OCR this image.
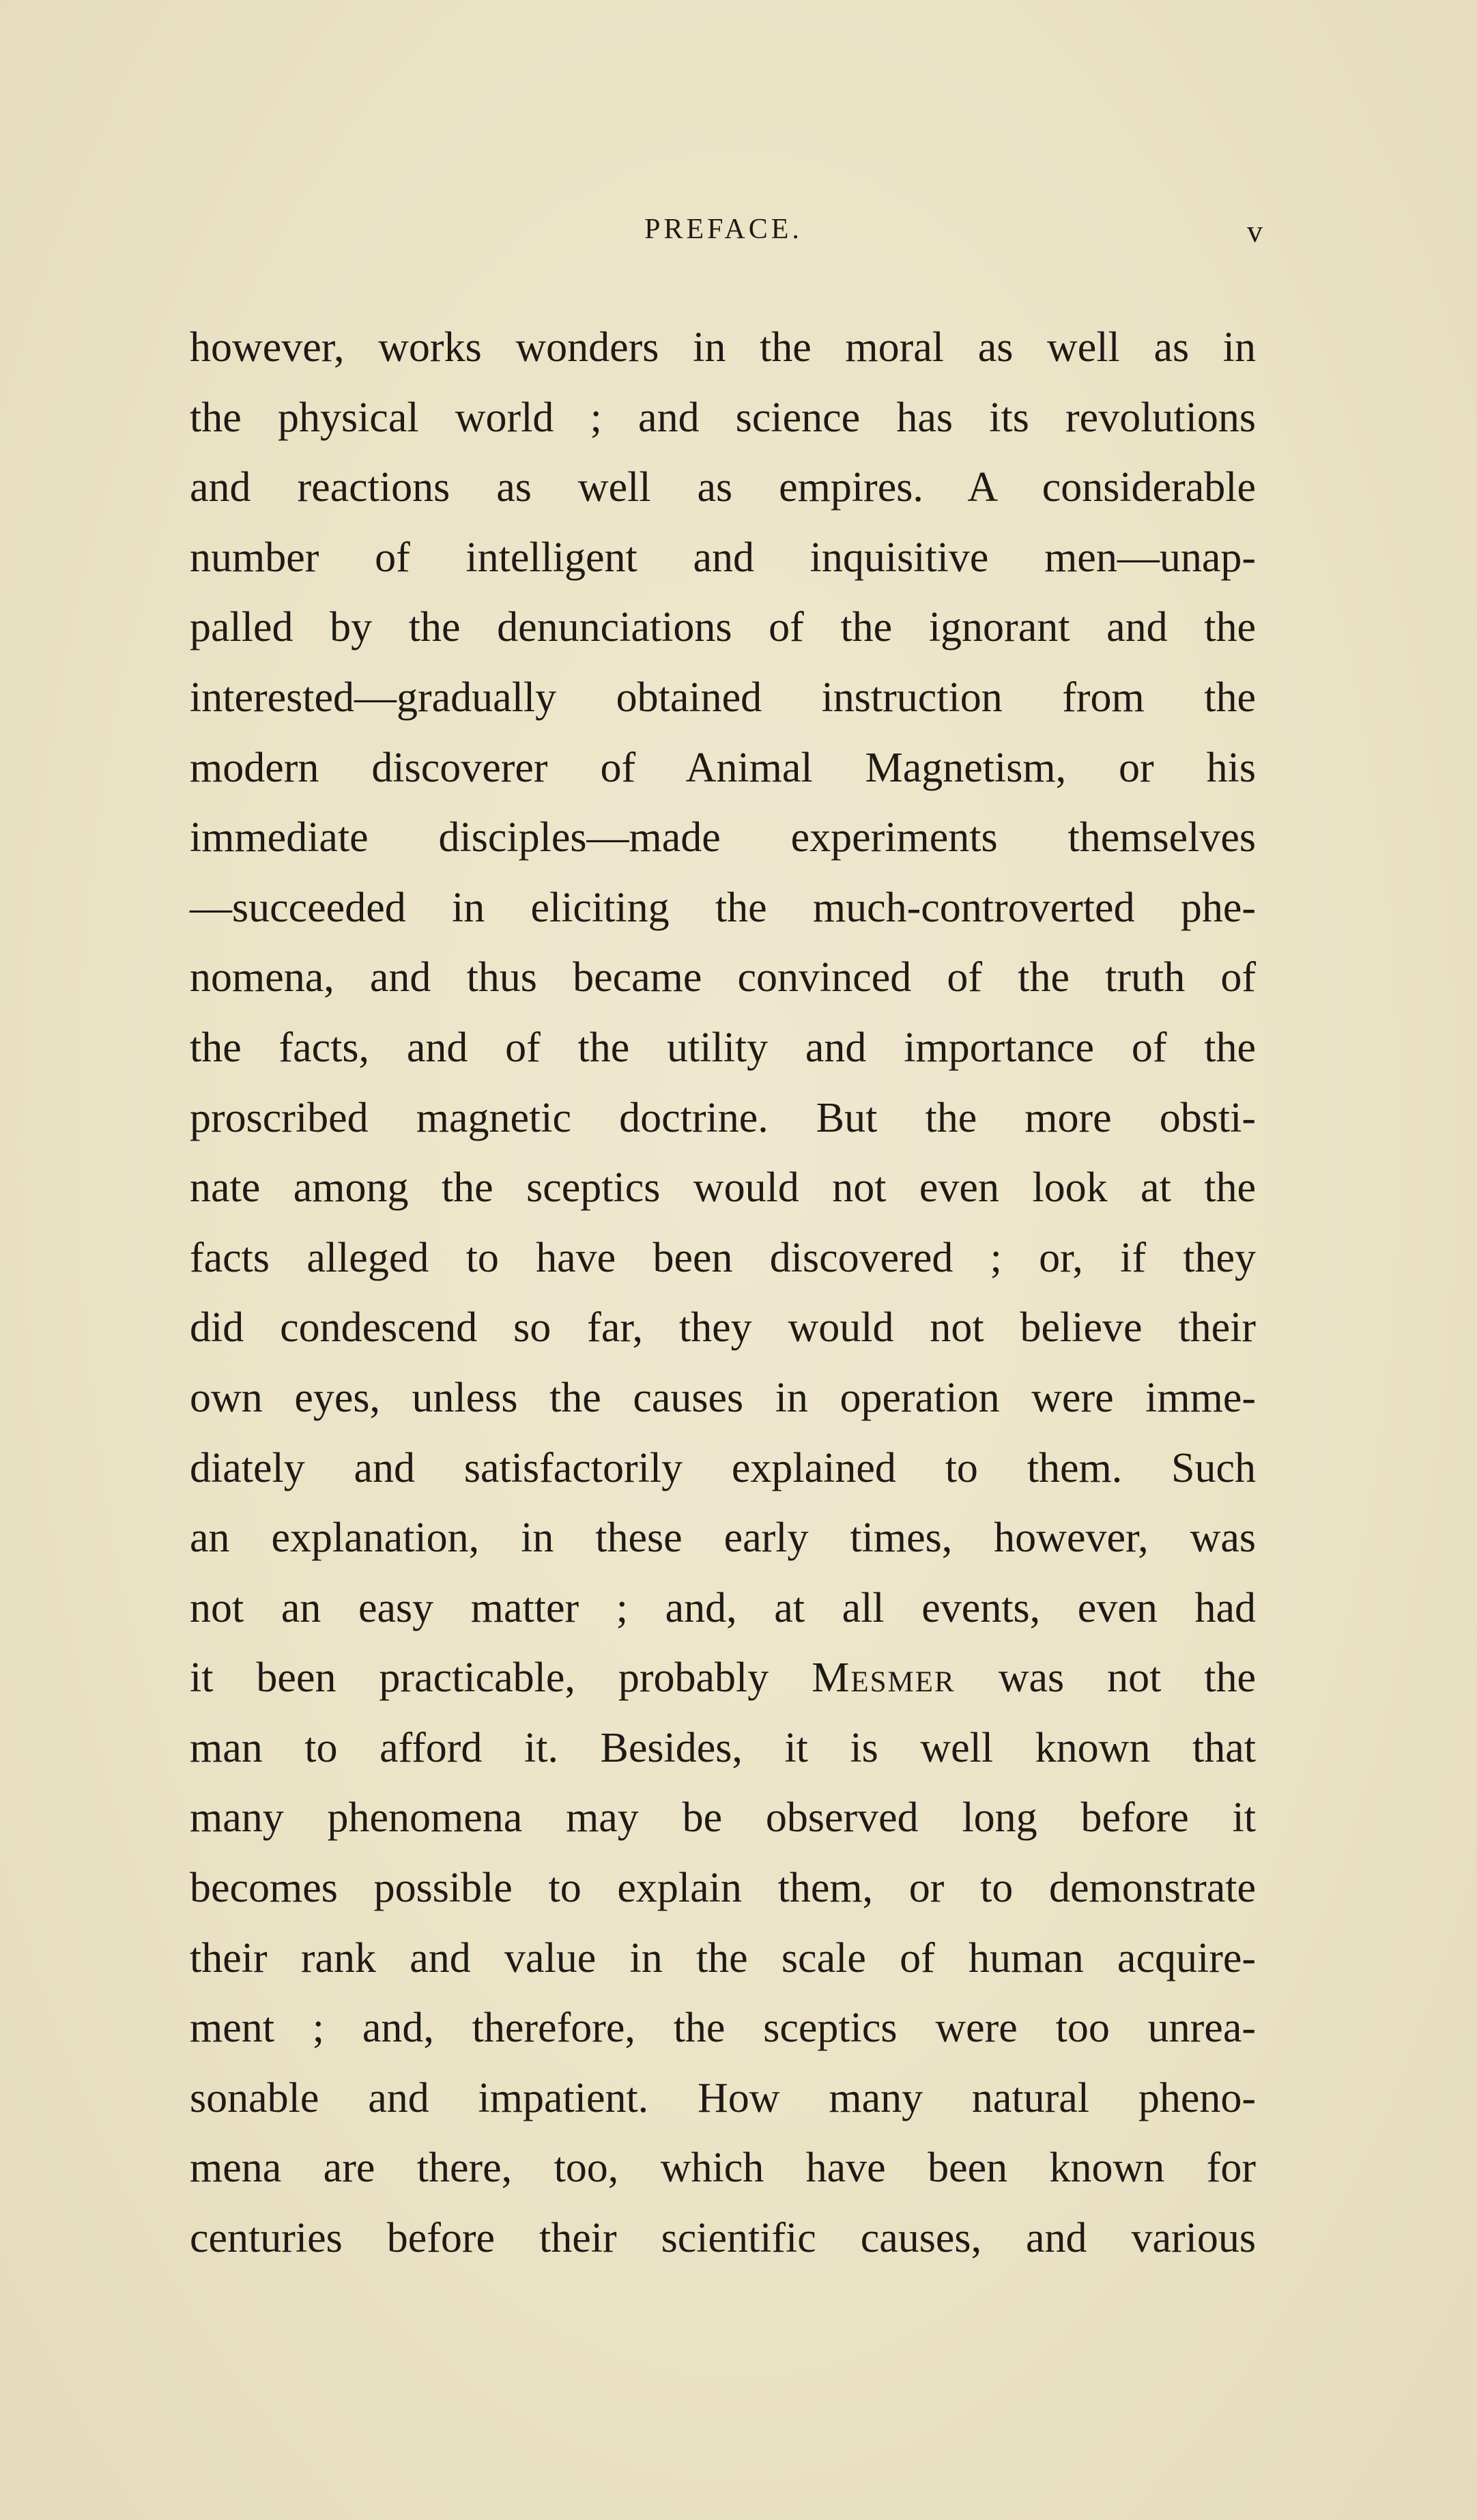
PREFACE.	v
however, works wonders in the moral as well as in
the physical world ; and science has its revolutions
and reactions as well as empires. A considerable
number of intelligent and inquisitive men—unap-
palled by the denunciations of the ignorant and the
interested—gradually obtained instruction from the
modern discoverer of Animal Magnetism, or his
immediate disciples—made experiments themselves
—succeeded in eliciting the much-controverted phe-
nomena, and thus became convinced of the truth of
the facts, and of the utility and importance of the
proscribed magnetic doctrine. But the more obsti-
nate among the sceptics would not even look at the
facts alleged to have been discovered ; or, if they
did condescend so far, they would not believe their
own eyes, unless the causes in operation were imme-
diately and satisfactorily explained to them. Such
an explanation, in these early times, however, was
not an easy matter ; and, at all events, even had
it been practicable, probably Mesmer was not the
man to afford it. Besides, it is well known that
many phenomena may be observed long before it
becomes possible to explain them, or to demonstrate
their rank and value in the scale of human acquire-
ment ; and, therefore, the sceptics were too unrea-
sonable and impatient. How many natural pheno-
mena are there, too, which have been known for
centuries before their scientific causes, and various
